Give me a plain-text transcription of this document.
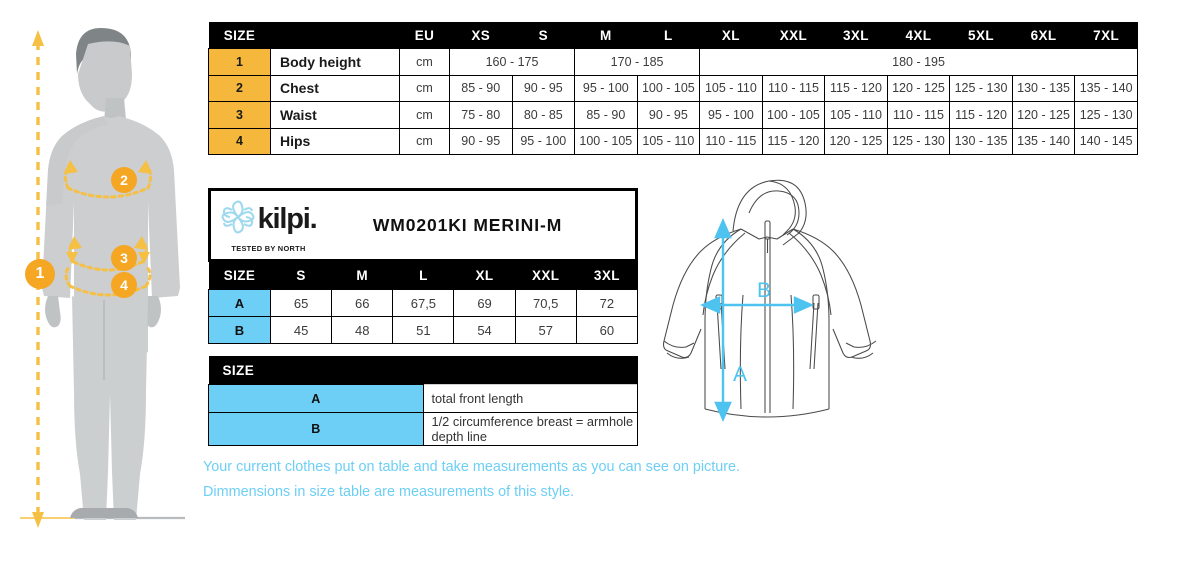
1
2
3
4
SIZE		EU	XS	S	M	L	XL	XXL	3XL	4XL	5XL	6XL	7XL
1	Body height	cm	160 - 175		170 - 185		180 - 195						
2	Chest	cm	85 - 90	90 - 95	95 - 100	100 - 105	105 - 110	110 - 115	115 - 120	120 - 125	125 - 130	130 - 135	135 - 140
3	Waist	cm	75 - 80	80 - 85	85 - 90	90 - 95	95 - 100	100 - 105	105 - 110	110 - 115	115 - 120	120 - 125	125 - 130
4	Hips	cm	90 - 95	95 - 100	100 - 105	105 - 110	110 - 115	115 - 120	120 - 125	125 - 130	130 - 135	135 - 140	140 - 145
kilpi.
TESTED BY NORTH
WM0201KI MERINI-M
SIZE	S	M	L	XL	XXL	3XL
A	65	66	67,5	69	70,5	72
B	45	48	51	54	57	60
SIZE	
A	total front length
B	1/2 circumference breast = armhole depth line
Your current clothes put on table and take measurements as you can see on picture.
Dimmensions in size table are measurements of this style.
A
B
